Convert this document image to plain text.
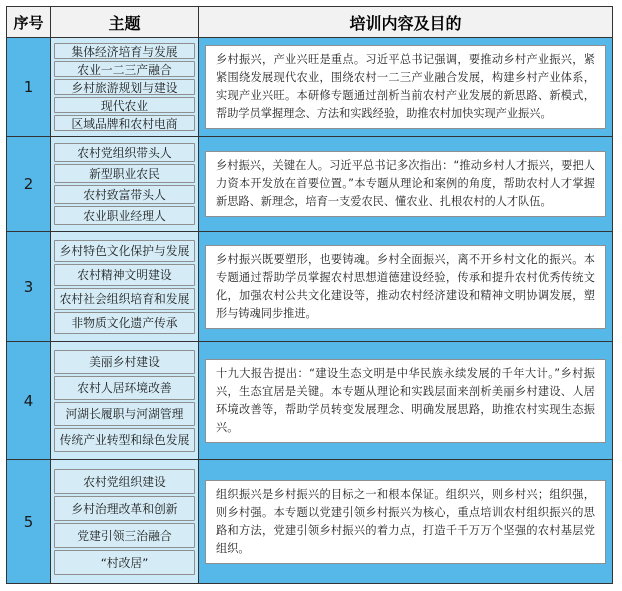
序号	主题	培训内容及目的
1	集体经济培育与发展
农业一二三产融合
乡村旅游规划与建设
现代农业
区域品牌和农村电商	乡村振兴，产业兴旺是重点。习近平总书记强调，要推动乡村产业振兴，紧紧围绕发展现代农业，围绕农村一二三产业融合发展，构建乡村产业体系，实现产业兴旺。本研修专题通过剖析当前农村产业发展的新思路、新模式，帮助学员掌握理念、方法和实践经验，助推农村加快实现产业振兴。

2	农村党组织带头人
新型职业农民
农村致富带头人
农业职业经理人	乡村振兴，关键在人。习近平总书记多次指出：“推动乡村人才振兴，要把人力资本开发放在首要位置。”本专题从理论和案例的角度，帮助农村人才掌握新思路、新理念，培育一支爱农民、懂农业、扎根农村的人才队伍。

3	乡村特色文化保护与发展
农村精神文明建设
农村社会组织培育和发展
非物质文化遗产传承	乡村振兴既要塑形，也要铸魂。乡村全面振兴，离不开乡村文化的振兴。本专题通过帮助学员掌握农村思想道德建设经验，传承和提升农村优秀传统文化，加强农村公共文化建设等，推动农村经济建设和精神文明协调发展，塑形与铸魂同步推进。

4	美丽乡村建设
农村人居环境改善
河湖长履职与河湖管理
传统产业转型和绿色发展	十九大报告提出：“建设生态文明是中华民族永续发展的千年大计。”乡村振兴，生态宜居是关键。本专题从理论和实践层面来剖析美丽乡村建设、人居环境改善等，帮助学员转变发展理念、明确发展思路，助推农村实现生态振兴。

5	农村党组织建设
乡村治理改革和创新
党建引领三治融合
“村改居”	组织振兴是乡村振兴的目标之一和根本保证。组织兴，则乡村兴；组织强，则乡村强。本专题以党建引领乡村振兴为核心，重点培训农村组织振兴的思路和方法，党建引领乡村振兴的着力点，打造千千万万个坚强的农村基层党组织。
